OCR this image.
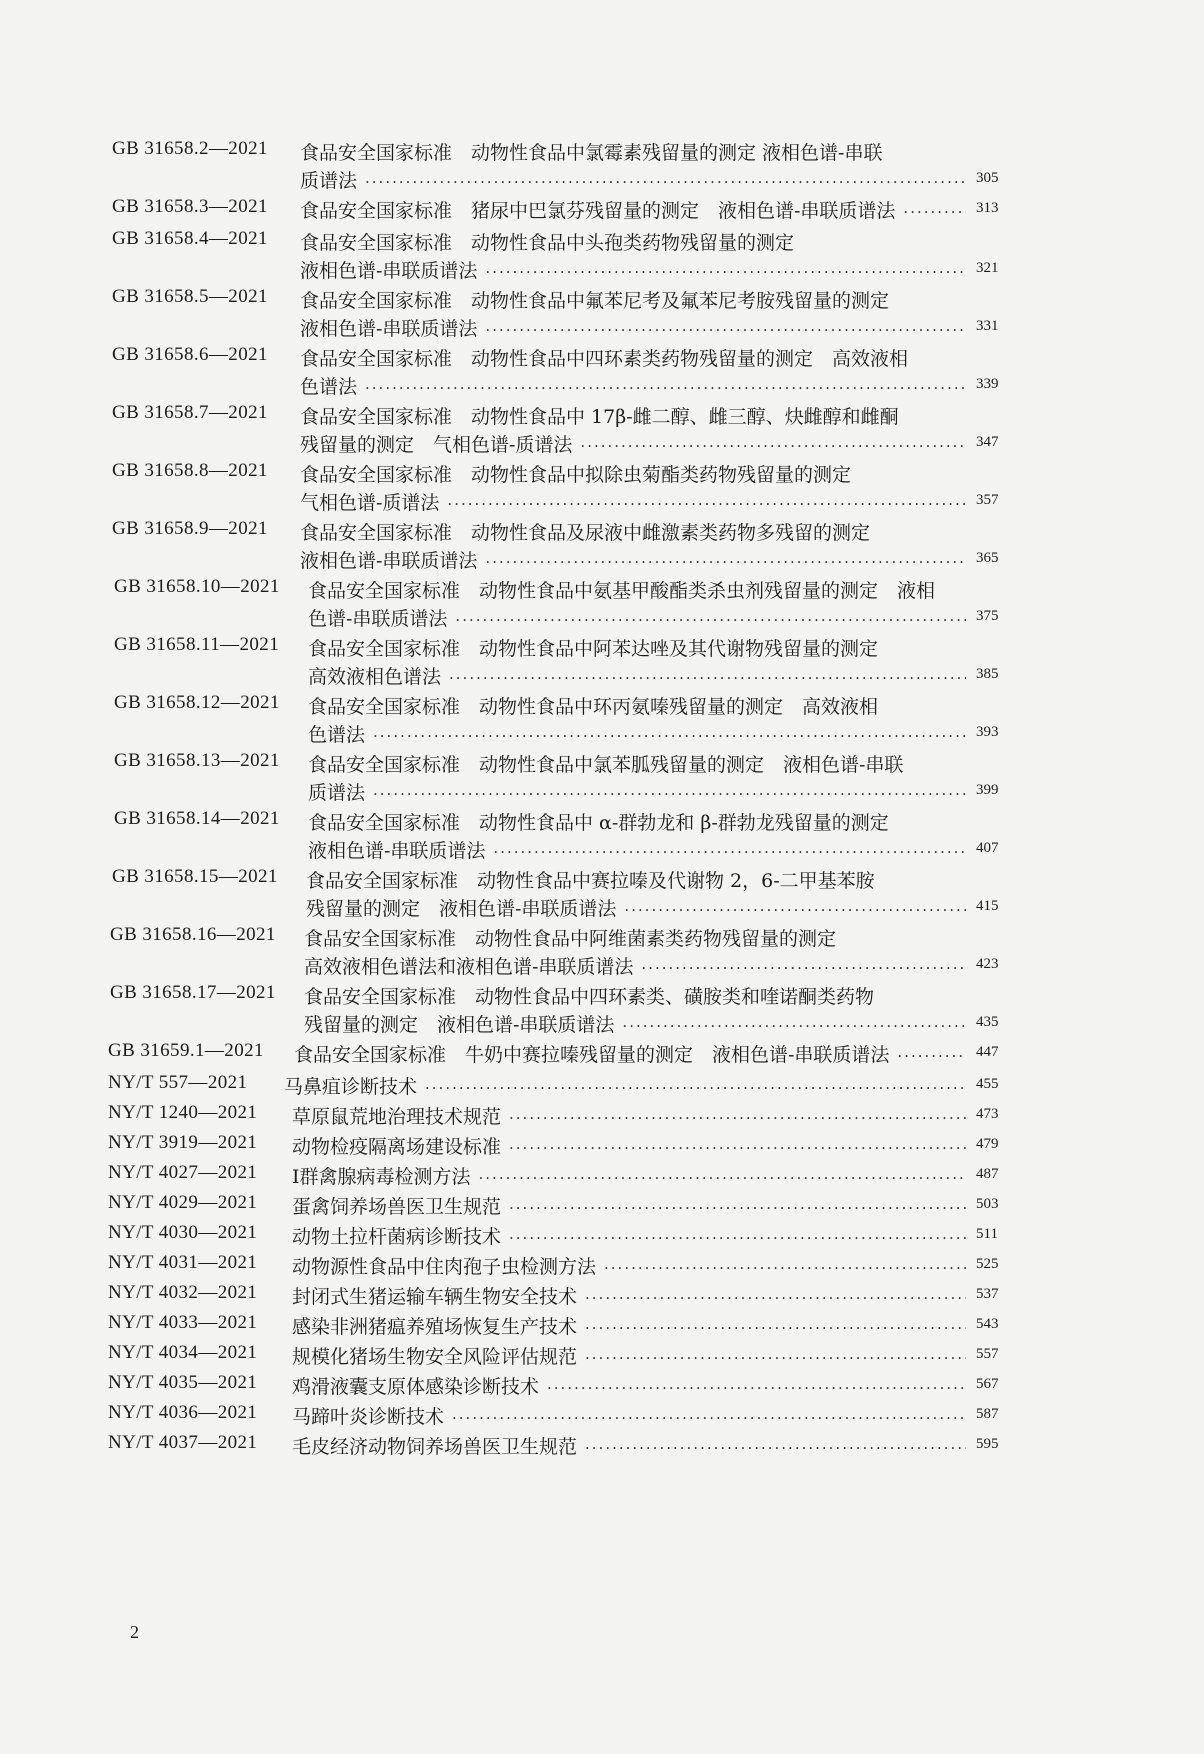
GB 31658.2—2021 食品安全国家标准　动物性食品中氯霉素残留量的测定 液相色谱-串联
质谱法 ·····	305
GB 31658.3—2021 食品安全国家标准　猪尿中巴氯芬残留量的测定　液相色谱-串联质谱法 ·····	313
GB 31658.4—2021 食品安全国家标准　动物性食品中头孢类药物残留量的测定
液相色谱-串联质谱法 ·····	321
GB 31658.5—2021 食品安全国家标准　动物性食品中氟苯尼考及氟苯尼考胺残留量的测定
液相色谱-串联质谱法 ·····	331
GB 31658.6—2021 食品安全国家标准　动物性食品中四环素类药物残留量的测定　高效液相
色谱法 ·····	339
GB 31658.7—2021 食品安全国家标准　动物性食品中 17β-雌二醇、雌三醇、炔雌醇和雌酮
残留量的测定　气相色谱-质谱法 ·····	347
GB 31658.8—2021 食品安全国家标准　动物性食品中拟除虫菊酯类药物残留量的测定
气相色谱-质谱法 ·····	357
GB 31658.9—2021 食品安全国家标准　动物性食品及尿液中雌激素类药物多残留的测定
液相色谱-串联质谱法 ·····	365
GB 31658.10—2021 食品安全国家标准　动物性食品中氨基甲酸酯类杀虫剂残留量的测定　液相
色谱-串联质谱法 ·····	375
GB 31658.11—2021 食品安全国家标准　动物性食品中阿苯达唑及其代谢物残留量的测定
高效液相色谱法 ·····	385
GB 31658.12—2021 食品安全国家标准　动物性食品中环丙氨嗪残留量的测定　高效液相
色谱法 ·····	393
GB 31658.13—2021 食品安全国家标准　动物性食品中氯苯胍残留量的测定　液相色谱-串联
质谱法 ·····	399
GB 31658.14—2021 食品安全国家标准　动物性食品中 α-群勃龙和 β-群勃龙残留量的测定
液相色谱-串联质谱法 ·····	407
GB 31658.15—2021 食品安全国家标准　动物性食品中赛拉嗪及代谢物 2，6-二甲基苯胺
残留量的测定　液相色谱-串联质谱法 ·····	415
GB 31658.16—2021 食品安全国家标准　动物性食品中阿维菌素类药物残留量的测定
高效液相色谱法和液相色谱-串联质谱法 ·····	423
GB 31658.17—2021 食品安全国家标准　动物性食品中四环素类、磺胺类和喹诺酮类药物
残留量的测定　液相色谱-串联质谱法 ·····	435
GB 31659.1—2021 食品安全国家标准　牛奶中赛拉嗪残留量的测定　液相色谱-串联质谱法 ·····	447
NY/T 557—2021 马鼻疽诊断技术 ·····	455
NY/T 1240—2021 草原鼠荒地治理技术规范 ·····	473
NY/T 3919—2021 动物检疫隔离场建设标准 ·····	479
NY/T 4027—2021 Ⅰ群禽腺病毒检测方法 ·····	487
NY/T 4029—2021 蛋禽饲养场兽医卫生规范 ·····	503
NY/T 4030—2021 动物土拉杆菌病诊断技术 ·····	511
NY/T 4031—2021 动物源性食品中住肉孢子虫检测方法 ·····	525
NY/T 4032—2021 封闭式生猪运输车辆生物安全技术 ·····	537
NY/T 4033—2021 感染非洲猪瘟养殖场恢复生产技术 ·····	543
NY/T 4034—2021 规模化猪场生物安全风险评估规范 ·····	557
NY/T 4035—2021 鸡滑液囊支原体感染诊断技术 ·····	567
NY/T 4036—2021 马蹄叶炎诊断技术 ·····	587
NY/T 4037—2021 毛皮经济动物饲养场兽医卫生规范 ·····	595
2
